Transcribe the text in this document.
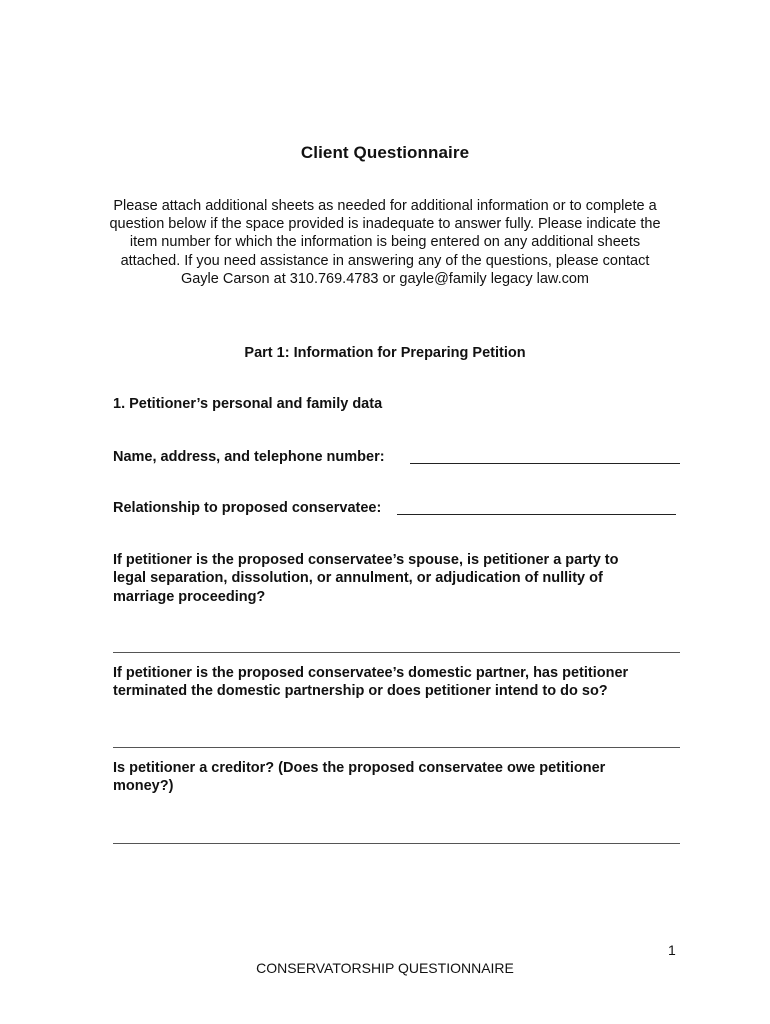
Client Questionnaire
Please attach additional sheets as needed for additional information or to complete a
question below if the space provided is inadequate to answer fully. Please indicate the
item number for which the information is being entered on any additional sheets
attached. If you need assistance in answering any of the questions, please contact
Gayle Carson at 310.769.4783 or gayle@family legacy law.com
Part 1: Information for Preparing Petition
1. Petitioner’s personal and family data
Name, address, and telephone number:
Relationship to proposed conservatee:
If petitioner is the proposed conservatee’s spouse, is petitioner a party to
legal separation, dissolution, or annulment, or adjudication of nullity of
marriage proceeding?
If petitioner is the proposed conservatee’s domestic partner, has petitioner
terminated the domestic partnership or does petitioner intend to do so?
Is petitioner a creditor? (Does the proposed conservatee owe petitioner
money?)
1
CONSERVATORSHIP QUESTIONNAIRE
